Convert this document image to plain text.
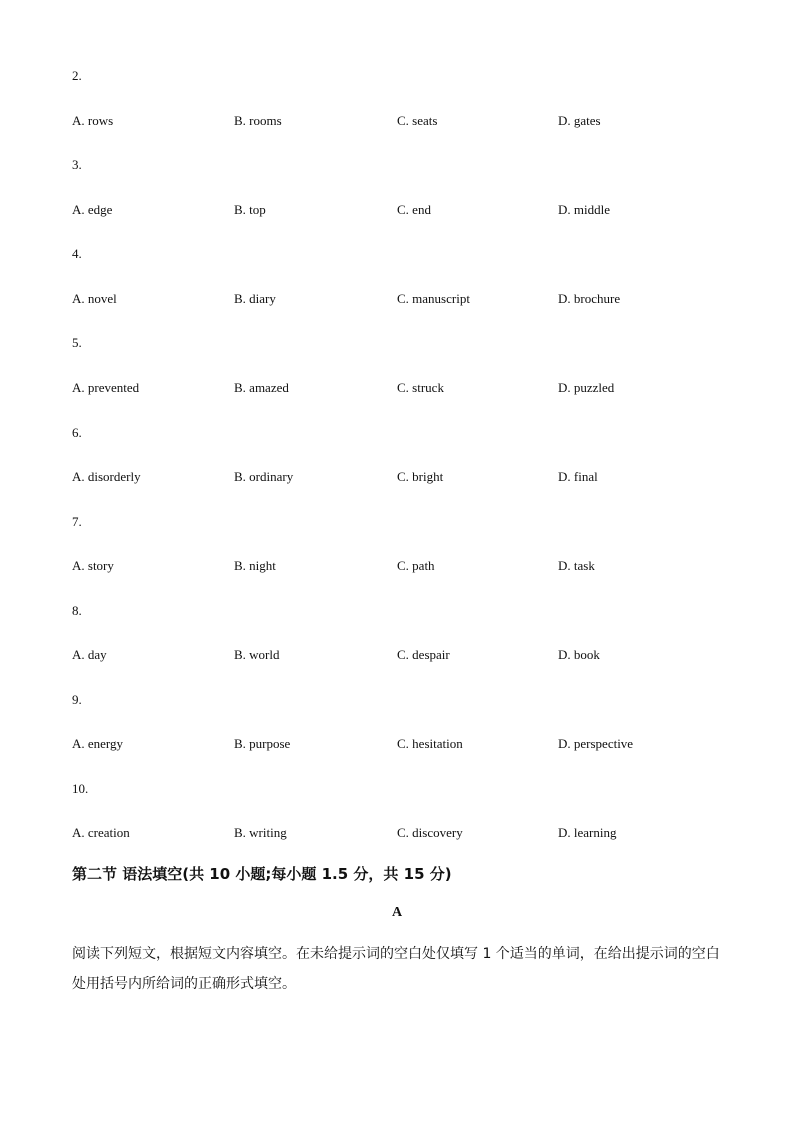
2.
A. rows	B. rooms	C. seats	D. gates
3.
A. edge	B. top	C. end	D. middle
4.
A. novel	B. diary	C. manuscript	D. brochure
5.
A. prevented	B. amazed	C. struck	D. puzzled
6.
A. disorderly	B. ordinary	C. bright	D. final
7.
A. story	B. night	C. path	D. task
8.
A. day	B. world	C. despair	D. book
9.
A. energy	B. purpose	C. hesitation	D. perspective
10.
A. creation	B. writing	C. discovery	D. learning
第二节 语法填空(共 10 小题;每小题 1.5 分，共 15 分)
A
阅读下列短文，根据短文内容填空。在未给提示词的空白处仅填写 1 个适当的单词，在给出提示词的空白
处用括号内所给词的正确形式填空。
